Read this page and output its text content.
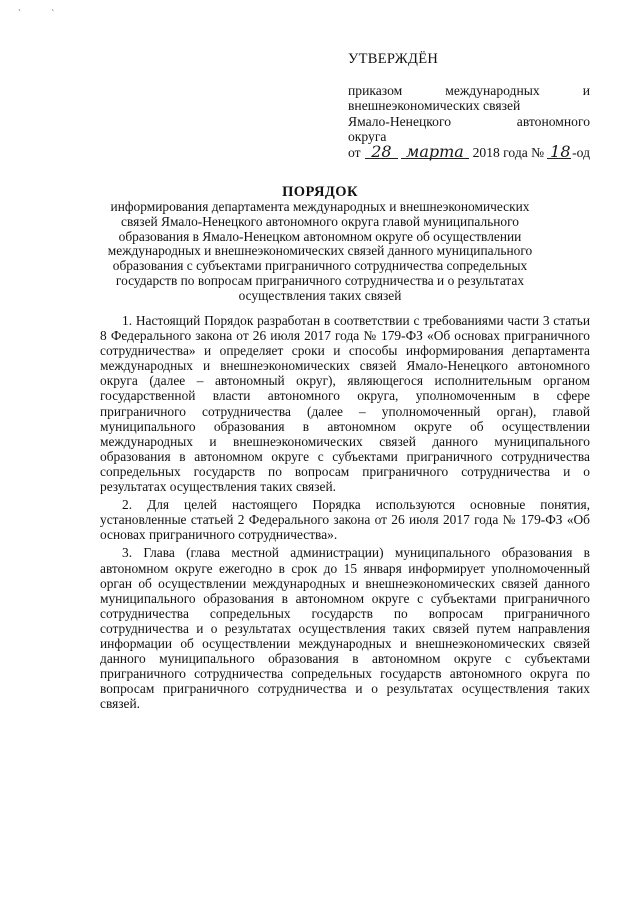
` `
УТВЕРЖДЁН
приказом	международных	и
внешнеэкономических связей
Ямало-Ненецкого	автономного
округа
от 28 марта 2018 года № 18 -од
ПОРЯДОК
информирования департамента международных и внешнеэкономических связей Ямало-Ненецкого автономного округа главой муниципального образования в Ямало-Ненецком автономном округе об осуществлении международных и внешнеэкономических связей данного муниципального образования с субъектами приграничного сотрудничества сопредельных государств по вопросам приграничного сотрудничества и о результатах осуществления таких связей

1. Настоящий Порядок разработан в соответствии с требованиями части 3 статьи 8 Федерального закона от 26 июля 2017 года № 179-ФЗ «Об основах приграничного сотрудничества» и определяет сроки и способы информирования департамента международных и внешнеэкономических связей Ямало-Ненецкого автономного округа (далее – автономный округ), являющегося исполнительным органом государственной власти автономного округа, уполномоченным в сфере приграничного сотрудничества (далее – уполномоченный орган), главой муниципального образования в автономном округе об осуществлении международных и внешнеэкономических связей данного муниципального образования в автономном округе с субъектами приграничного сотрудничества сопредельных государств по вопросам приграничного сотрудничества и о результатах осуществления таких связей.

2. Для целей настоящего Порядка используются основные понятия, установленные статьей 2 Федерального закона от 26 июля 2017 года № 179-ФЗ «Об основах приграничного сотрудничества».

3. Глава (глава местной администрации) муниципального образования в автономном округе ежегодно в срок до 15 января информирует уполномоченный орган об осуществлении международных и внешнеэкономических связей данного муниципального образования в автономном округе с субъектами приграничного сотрудничества сопредельных государств по вопросам приграничного сотрудничества и о результатах осуществления таких связей путем направления информации об осуществлении международных и внешнеэкономических связей данного муниципального образования в автономном округе с субъектами приграничного сотрудничества сопредельных государств автономного округа по вопросам приграничного сотрудничества и о результатах осуществления таких связей.
